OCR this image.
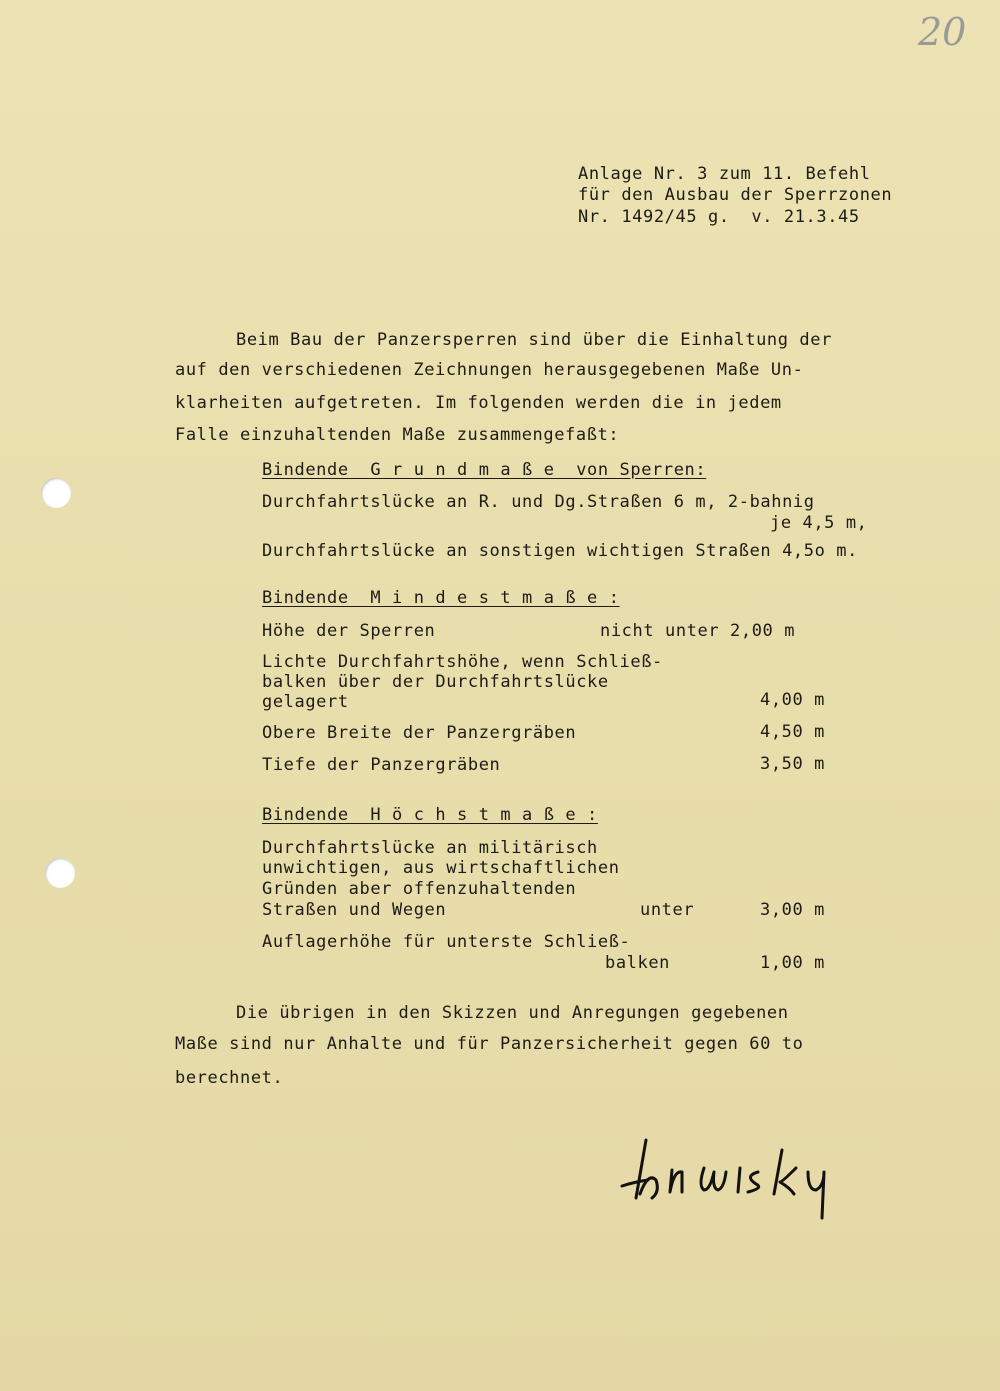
20
Anlage Nr. 3 zum 11. Befehl
für den Ausbau der Sperrzonen
Nr. 1492/45 g.  v. 21.3.45
Beim Bau der Panzersperren sind über die Einhaltung der
auf den verschiedenen Zeichnungen herausgegebenen Maße Un-
klarheiten aufgetreten. Im folgenden werden die in jedem
Falle einzuhaltenden Maße zusammengefaßt:
Bindende  G r u n d m a ß e  von Sperren:
Durchfahrtslücke an R. und Dg.Straßen 6 m, 2-bahnig
je 4,5 m,
Durchfahrtslücke an sonstigen wichtigen Straßen 4,5o m.
Bindende  M i n d e s t m a ß e :
Höhe der Sperren	nicht unter 2,00 m
Lichte Durchfahrtshöhe, wenn Schließ-
balken über der Durchfahrtslücke
gelagert	4,00 m
Obere Breite der Panzergräben	4,50 m
Tiefe der Panzergräben	3,50 m
Bindende  H ö c h s t m a ß e :
Durchfahrtslücke an militärisch
unwichtigen, aus wirtschaftlichen
Gründen aber offenzuhaltenden
Straßen und Wegen	unter	3,00 m
Auflagerhöhe für unterste Schließ-
balken	1,00 m
Die übrigen in den Skizzen und Anregungen gegebenen
Maße sind nur Anhalte und für Panzersicherheit gegen 60 to
berechnet.
